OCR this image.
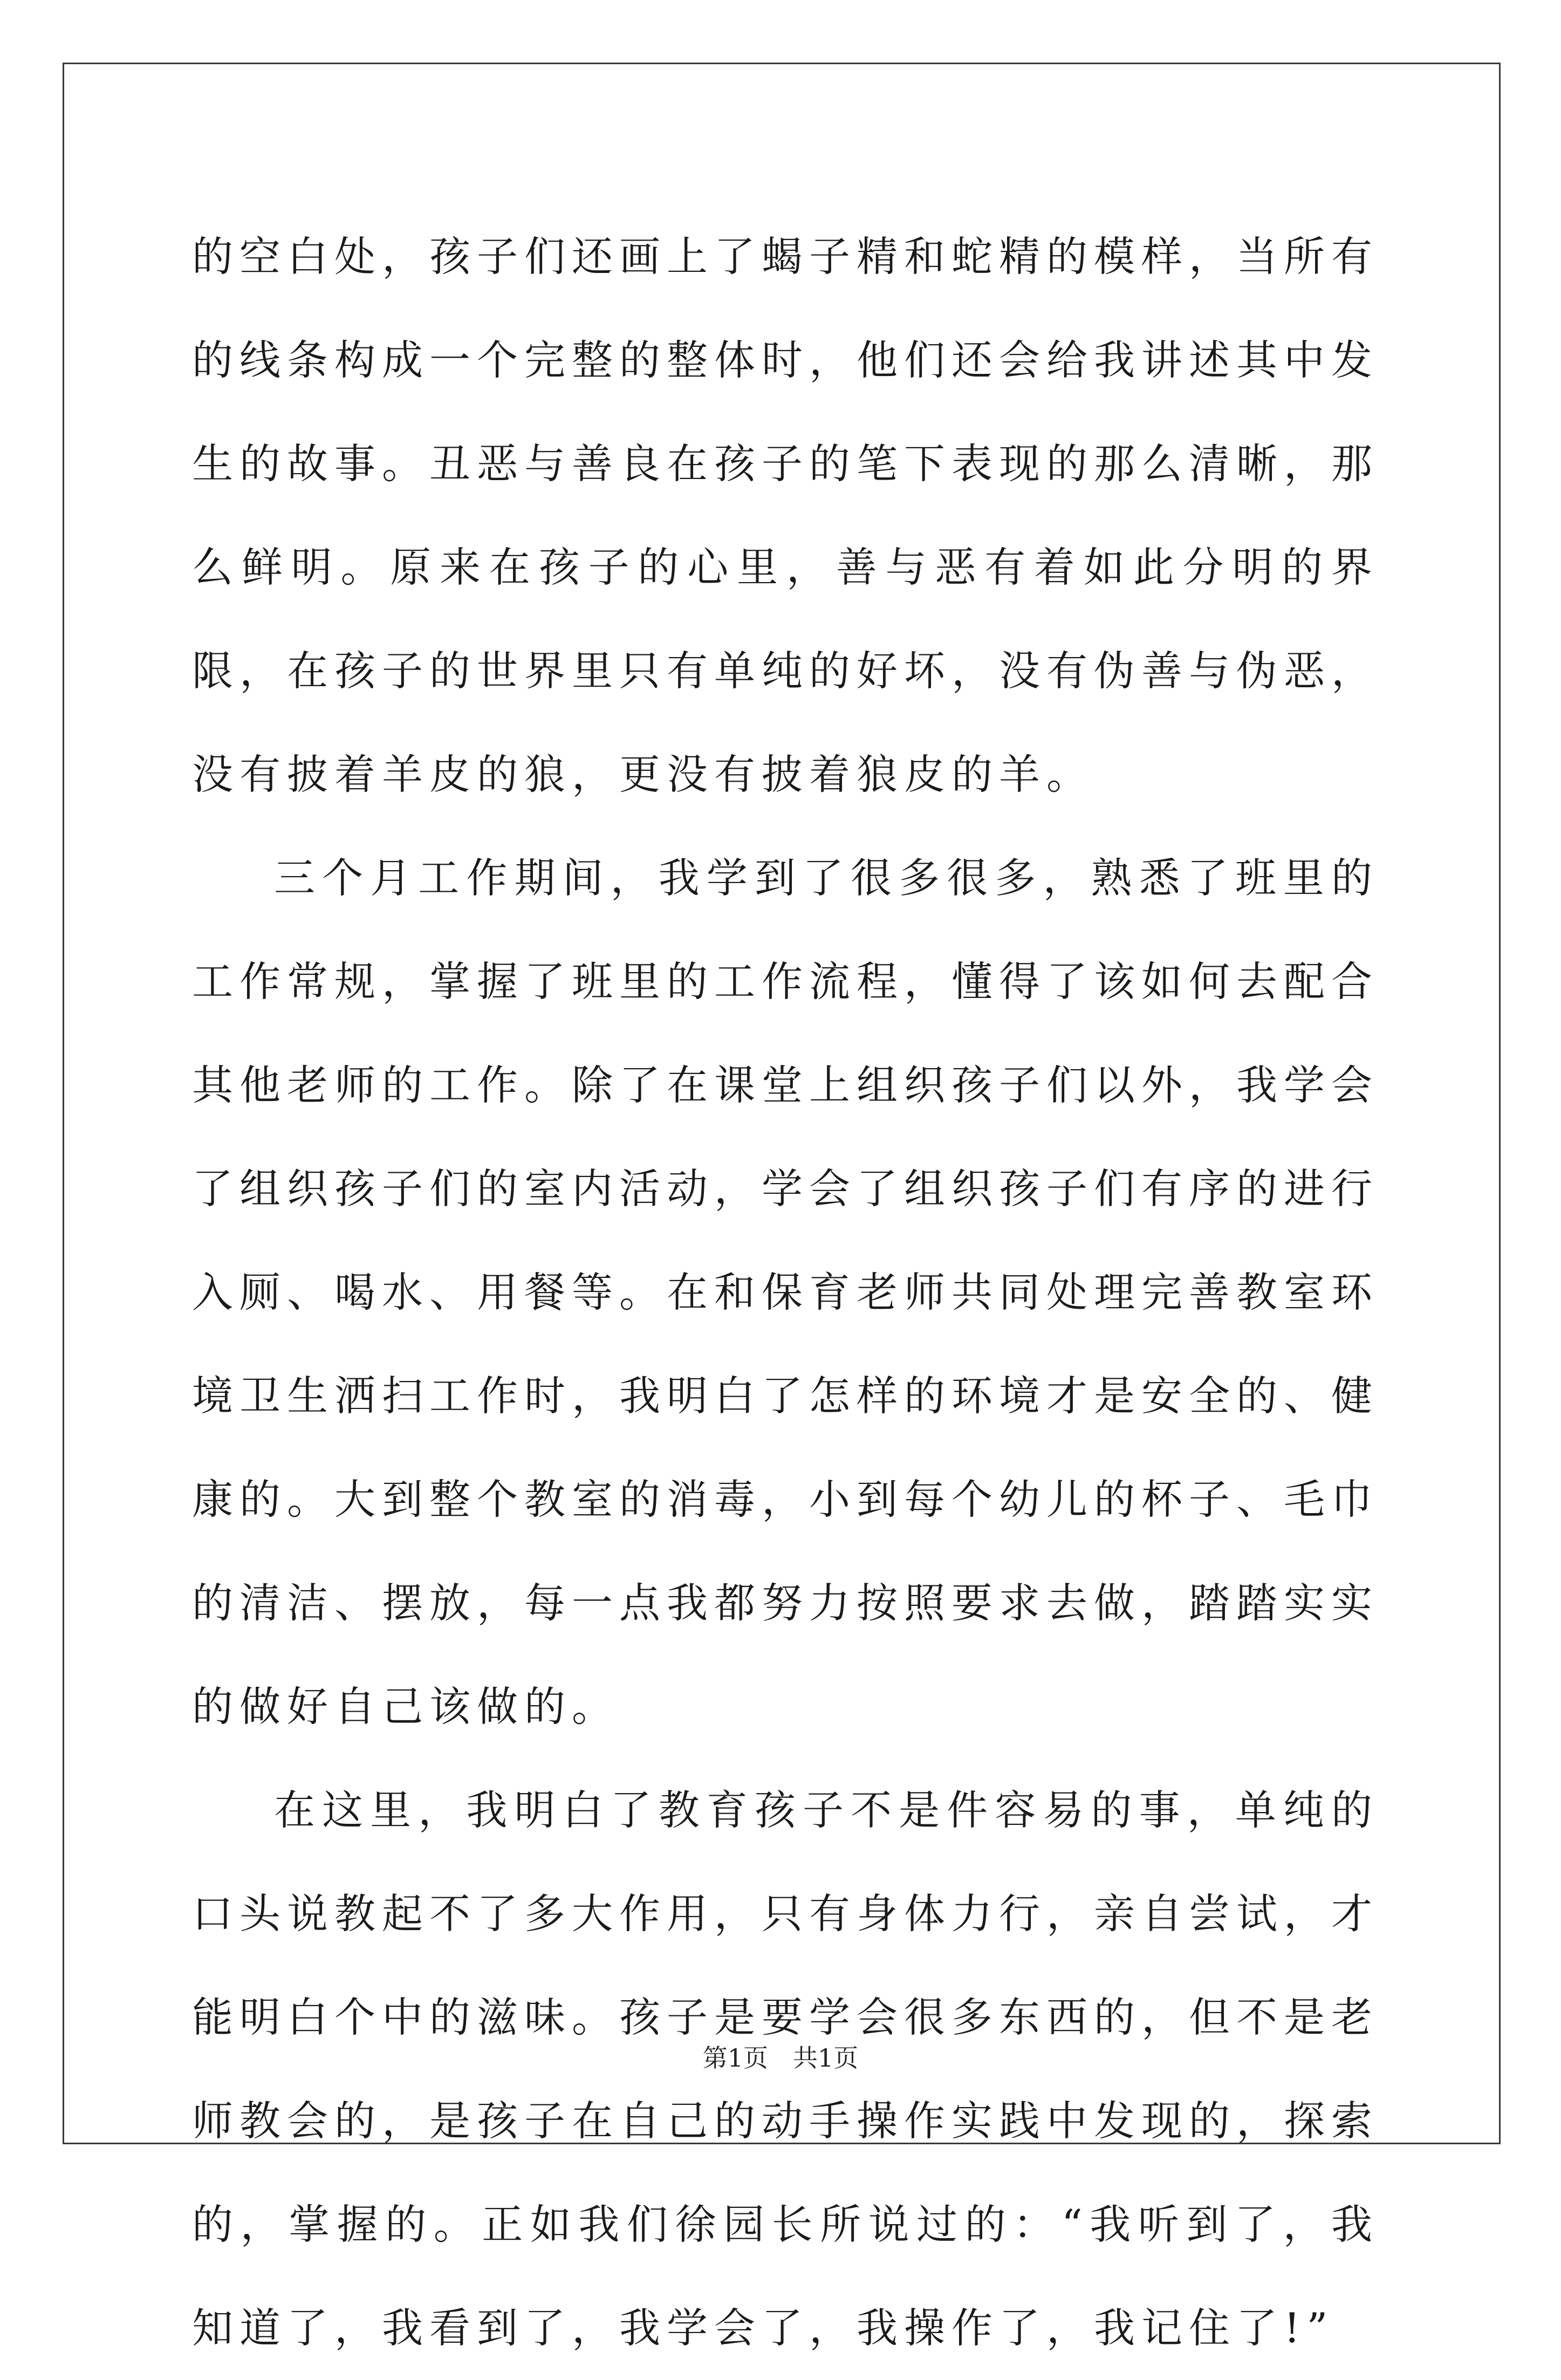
的空白处，孩子们还画上了蝎子精和蛇精的模样，当所有的线条构成一个完整的整体时，他们还会给我讲述其中发生的故事。丑恶与善良在孩子的笔下表现的那么清晰，那么鲜明。原来在孩子的心里，善与恶有着如此分明的界限，在孩子的世界里只有单纯的好坏，没有伪善与伪恶，没有披着羊皮的狼，更没有披着狼皮的羊。

三个月工作期间，我学到了很多很多，熟悉了班里的工作常规，掌握了班里的工作流程，懂得了该如何去配合其他老师的工作。除了在课堂上组织孩子们以外，我学会了组织孩子们的室内活动，学会了组织孩子们有序的进行入厕、喝水、用餐等。在和保育老师共同处理完善教室环境卫生洒扫工作时，我明白了怎样的环境才是安全的、健康的。大到整个教室的消毒，小到每个幼儿的杯子、毛巾的清洁、摆放，每一点我都努力按照要求去做，踏踏实实的做好自己该做的。

在这里，我明白了教育孩子不是件容易的事，单纯的口头说教起不了多大作用，只有身体力行，亲自尝试，才能明白个中的滋味。孩子是要学会很多东西的，但不是老师教会的，是孩子在自己的动手操作实践中发现的，探索的，掌握的。正如我们徐园长所说过的：“我听到了，我知道了，我看到了，我学会了，我操作了，我记住了!”

第1页　共1页
